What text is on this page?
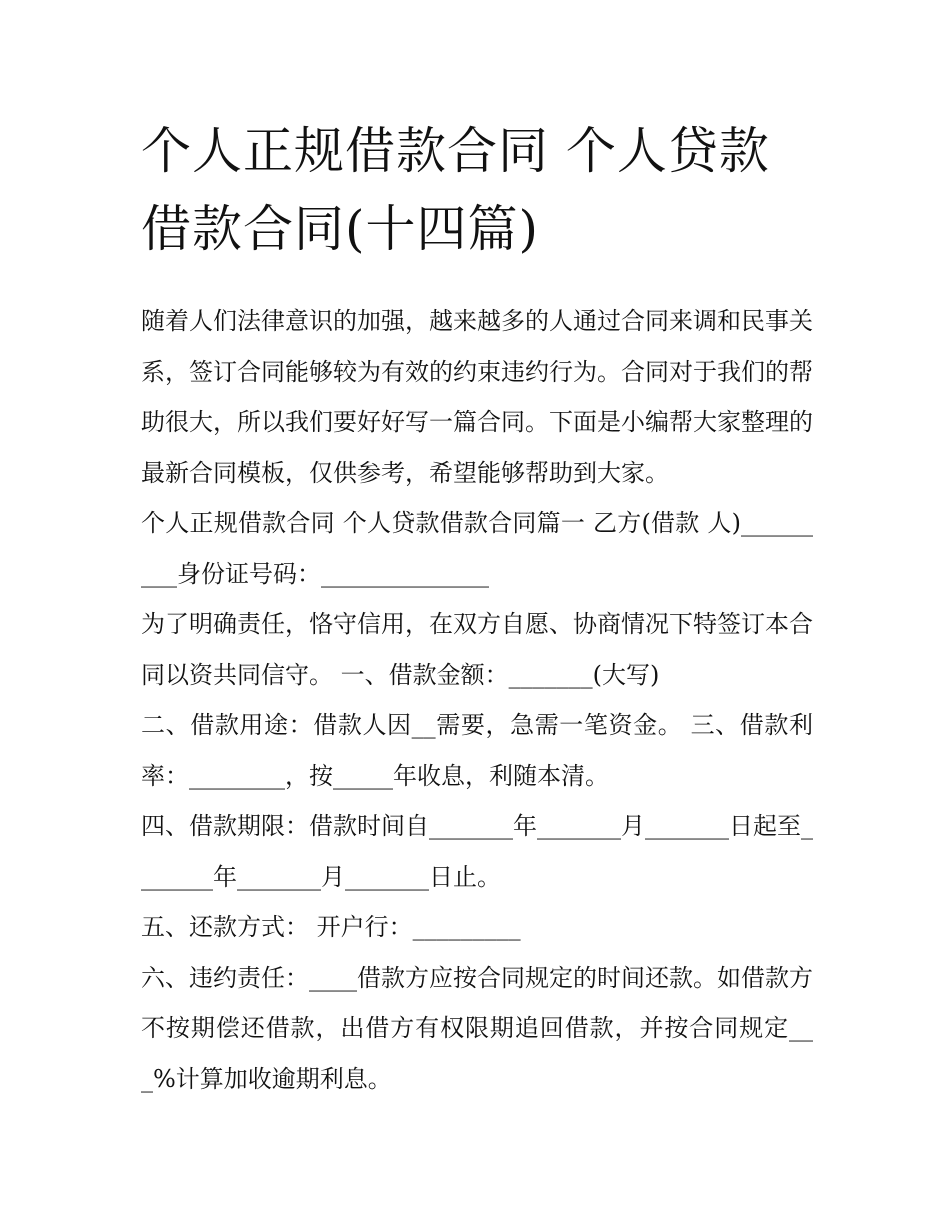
个人正规借款合同 个人贷款借款合同(十四篇)

随着人们法律意识的加强，越来越多的人通过合同来调和民事关系，签订合同能够较为有效的约束违约行为。合同对于我们的帮助很大，所以我们要好好写一篇合同。下面是小编帮大家整理的最新合同模板，仅供参考，希望能够帮助到大家。

个人正规借款合同 个人贷款借款合同篇一 乙方(借款 人)_________身份证号码：______________

为了明确责任，恪守信用，在双方自愿、协商情况下特签订本合同以资共同信守。 一、借款金额：_______(大写)

二、借款用途：借款人因__需要，急需一笔资金。 三、借款利率：________，按_____年收息，利随本清。

四、借款期限：借款时间自_______年_______月_______日起至_______年_______月_______日止。

五、还款方式： 开户行：_________

六、违约责任：____借款方应按合同规定的时间还款。如借款方不按期偿还借款，出借方有权限期追回借款，并按合同规定___%计算加收逾期利息。
